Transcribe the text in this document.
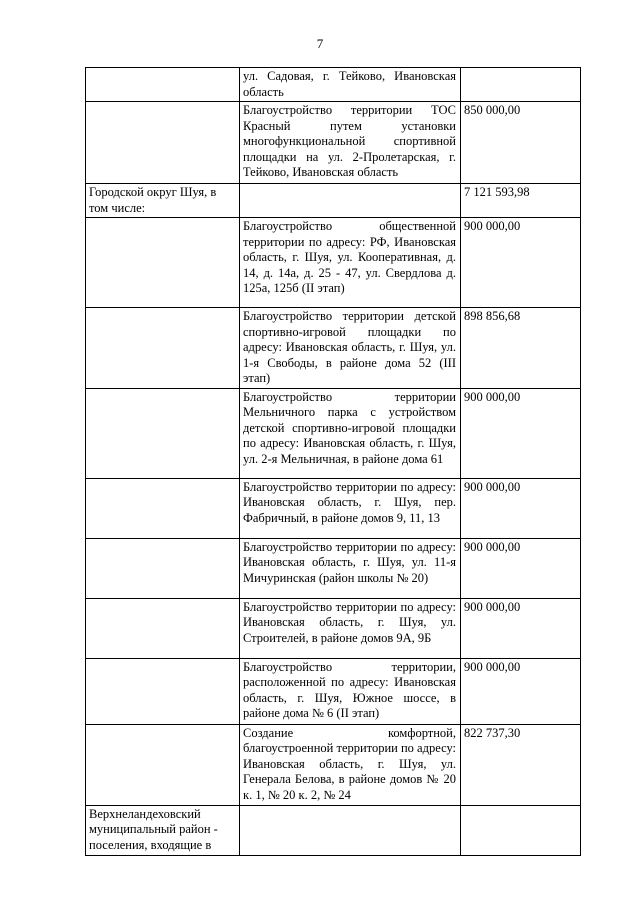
7
	ул. Садовая, г. Тейково, Ивановская область	
	Благоустройство территории ТОС Красный путем установки многофункциональной спортивной площадки на ул. 2-Пролетарская, г. Тейково, Ивановская область	850 000,00
Городской округ Шуя, в том числе:		7 121 593,98
	Благоустройство общественной территории по адресу: РФ, Ивановская область, г. Шуя, ул. Кооперативная, д. 14, д. 14а, д. 25 - 47, ул. Свердлова д. 125а, 125б (II этап)	900 000,00
	Благоустройство территории детской спортивно-игровой площадки по адресу: Ивановская область, г. Шуя, ул. 1-я Свободы, в районе дома 52 (III этап)	898 856,68
	Благоустройство территории Мельничного парка с устройством детской спортивно-игровой площадки по адресу: Ивановская область, г. Шуя, ул. 2-я Мельничная, в районе дома 61	900 000,00
	Благоустройство территории по адресу: Ивановская область, г. Шуя, пер. Фабричный, в районе домов 9, 11, 13	900 000,00
	Благоустройство территории по адресу: Ивановская область, г. Шуя, ул. 11-я Мичуринская (район школы № 20)	900 000,00
	Благоустройство территории по адресу: Ивановская область, г. Шуя, ул. Строителей, в районе домов 9А, 9Б	900 000,00
	Благоустройство территории, расположенной по адресу: Ивановская область, г. Шуя, Южное шоссе, в районе дома № 6 (II этап)	900 000,00
	Создание комфортной, благоустроенной территории по адресу: Ивановская область, г. Шуя, ул. Генерала Белова, в районе домов № 20 к. 1, № 20 к. 2, № 24	822 737,30
Верхнеландеховский муниципальный район - поселения, входящие в		
